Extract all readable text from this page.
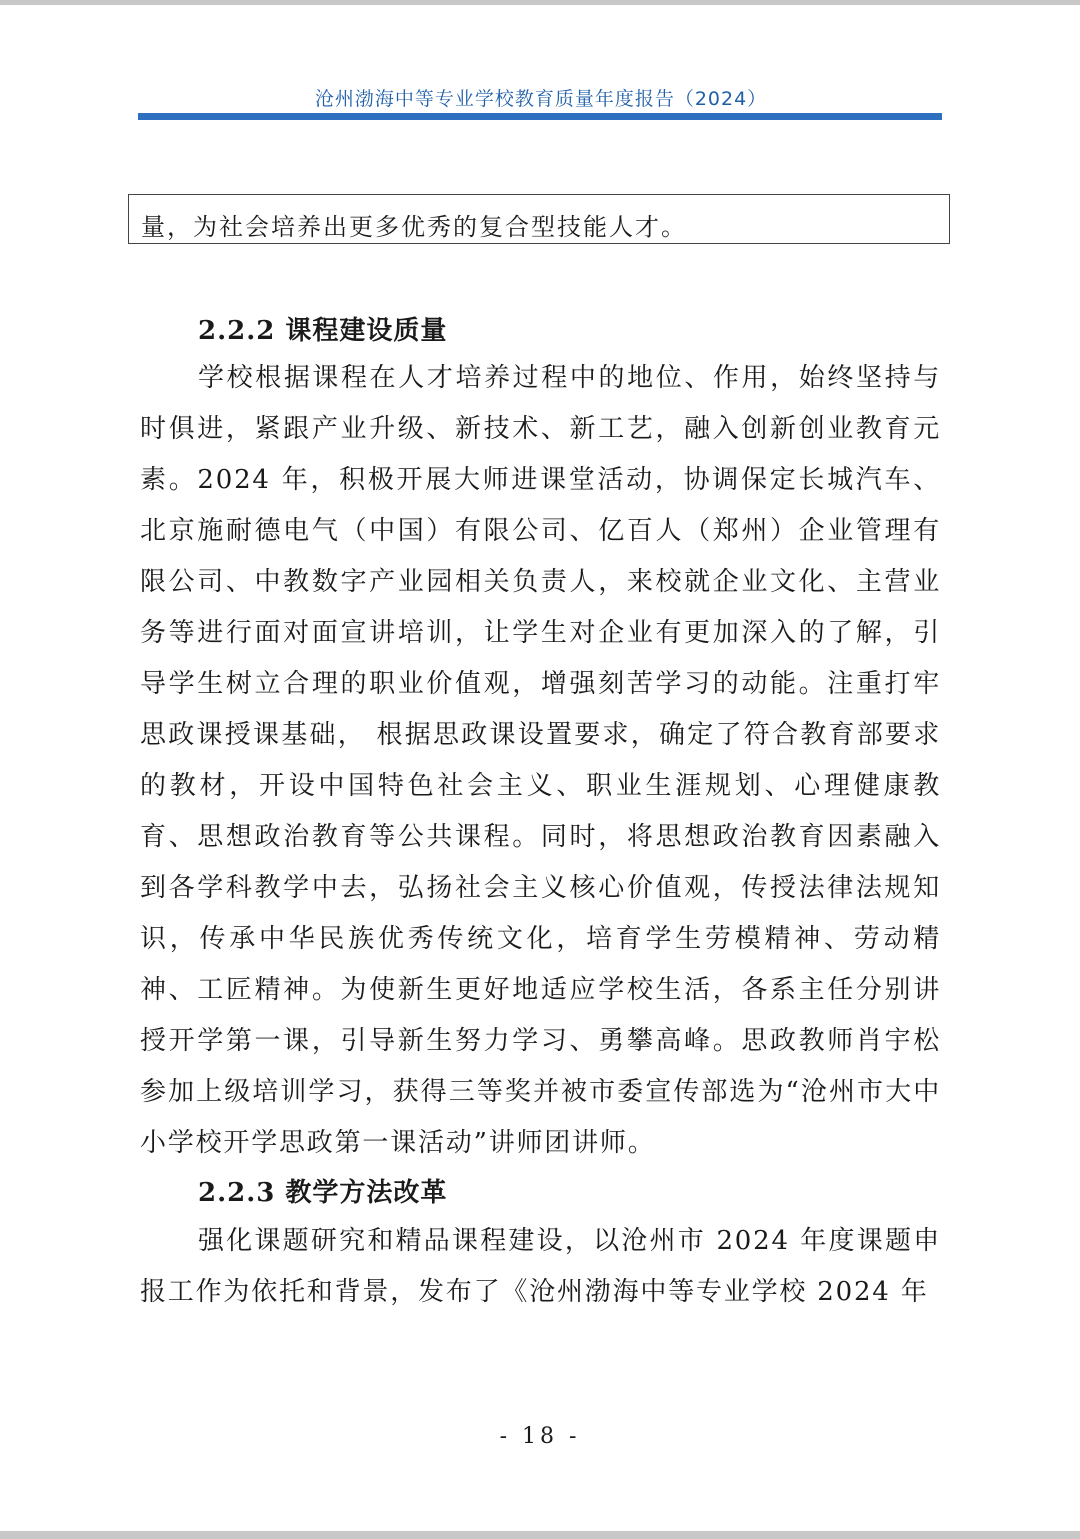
沧州渤海中等专业学校教育质量年度报告（2024）
量，为社会培养出更多优秀的复合型技能人才。
2.2.2 课程建设质量

学校根据课程在人才培养过程中的地位、作用，始终坚持与时俱进，紧跟产业升级、新技术、新工艺，融入创新创业教育元素。2024 年，积极开展大师进课堂活动，协调保定长城汽车、北京施耐德电气（中国）有限公司、亿百人（郑州）企业管理有限公司、中教数字产业园相关负责人，来校就企业文化、主营业务等进行面对面宣讲培训，让学生对企业有更加深入的了解，引导学生树立合理的职业价值观，增强刻苦学习的动能。注重打牢思政课授课基础， 根据思政课设置要求，确定了符合教育部要求的教材，开设中国特色社会主义、职业生涯规划、心理健康教育、思想政治教育等公共课程。同时，将思想政治教育因素融入到各学科教学中去，弘扬社会主义核心价值观，传授法律法规知识，传承中华民族优秀传统文化，培育学生劳模精神、劳动精神、工匠精神。为使新生更好地适应学校生活，各系主任分别讲授开学第一课，引导新生努力学习、勇攀高峰。思政教师肖宇松参加上级培训学习，获得三等奖并被市委宣传部选为“沧州市大中小学校开学思政第一课活动”讲师团讲师。

2.2.3 教学方法改革

强化课题研究和精品课程建设，以沧州市 2024 年度课题申报工作为依托和背景，发布了《沧州渤海中等专业学校 2024 年

- 18 -
